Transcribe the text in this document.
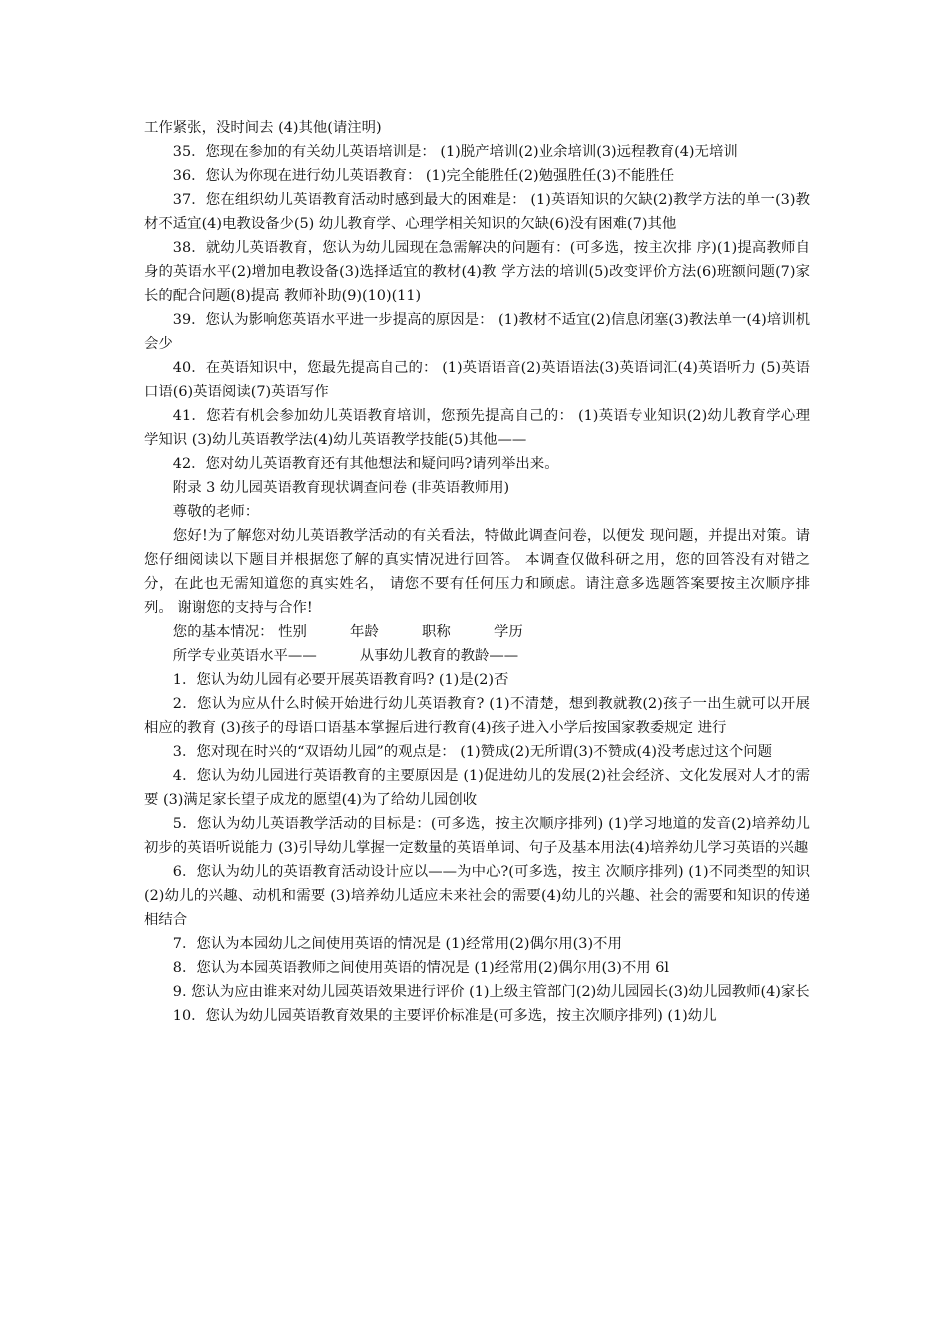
工作紧张，没时间去 (4)其他(请注明)

35．您现在参加的有关幼儿英语培训是： (1)脱产培训(2)业余培训(3)远程教育(4)无培训

36．您认为你现在进行幼儿英语教育： (1)完全能胜任(2)勉强胜任(3)不能胜任

37．您在组织幼儿英语教育活动时感到最大的困难是： (1)英语知识的欠缺(2)教学方法的单一(3)教材不适宜(4)电教设备少(5) 幼儿教育学、心理学相关知识的欠缺(6)没有困难(7)其他

38．就幼儿英语教育，您认为幼儿园现在急需解决的问题有：(可多选，按主次排 序)(1)提高教师自身的英语水平(2)增加电教设备(3)选择适宜的教材(4)教 学方法的培训(5)改变评价方法(6)班额问题(7)家长的配合问题(8)提高 教师补助(9)(10)(11)

39．您认为影响您英语水平进一步提高的原因是： (1)教材不适宜(2)信息闭塞(3)教法单一(4)培训机会少

40．在英语知识中，您最先提高自己的： (1)英语语音(2)英语语法(3)英语词汇(4)英语听力 (5)英语口语(6)英语阅读(7)英语写作

41．您若有机会参加幼儿英语教育培训，您预先提高自己的： (1)英语专业知识(2)幼儿教育学心理学知识 (3)幼儿英语教学法(4)幼儿英语教学技能(5)其他——

42．您对幼儿英语教育还有其他想法和疑问吗?请列举出来。

附录 3 幼儿园英语教育现状调查问卷 (非英语教师用)

尊敬的老师：

您好!为了解您对幼儿英语教学活动的有关看法，特做此调查问卷，以便发 现问题，并提出对策。请您仔细阅读以下题目并根据您了解的真实情况进行回答。 本调查仅做科研之用，您的回答没有对错之分，在此也无需知道您的真实姓名， 请您不要有任何压力和顾虑。请注意多选题答案要按主次顺序排列。 谢谢您的支持与合作!

您的基本情况： 性别　　　年龄　　　职称　　　学历

所学专业英语水平——　　　从事幼儿教育的教龄——

1．您认为幼儿园有必要开展英语教育吗? (1)是(2)否

2．您认为应从什么时候开始进行幼儿英语教育? (1)不清楚，想到教就教(2)孩子一出生就可以开展相应的教育 (3)孩子的母语口语基本掌握后进行教育(4)孩子进入小学后按国家教委规定 进行

3．您对现在时兴的“双语幼儿园”的观点是： (1)赞成(2)无所谓(3)不赞成(4)没考虑过这个问题

4．您认为幼儿园进行英语教育的主要原因是 (1)促进幼儿的发展(2)社会经济、文化发展对人才的需要 (3)满足家长望子成龙的愿望(4)为了给幼儿园创收

5．您认为幼儿英语教学活动的目标是：(可多选，按主次顺序排列) (1)学习地道的发音(2)培养幼儿初步的英语听说能力 (3)引导幼儿掌握一定数量的英语单词、句子及基本用法(4)培养幼儿学习英语的兴趣

6．您认为幼儿的英语教育活动设计应以——为中心?(可多选，按主 次顺序排列) (1)不同类型的知识(2)幼儿的兴趣、动机和需要 (3)培养幼儿适应未来社会的需要(4)幼儿的兴趣、社会的需要和知识的传递 相结合

7．您认为本园幼儿之间使用英语的情况是 (1)经常用(2)偶尔用(3)不用

8．您认为本园英语教师之间使用英语的情况是 (1)经常用(2)偶尔用(3)不用 6l

9. 您认为应由谁来对幼儿园英语效果进行评价 (1)上级主管部门(2)幼儿园园长(3)幼儿园教师(4)家长

10．您认为幼儿园英语教育效果的主要评价标准是(可多选，按主次顺序排列) (1)幼儿
